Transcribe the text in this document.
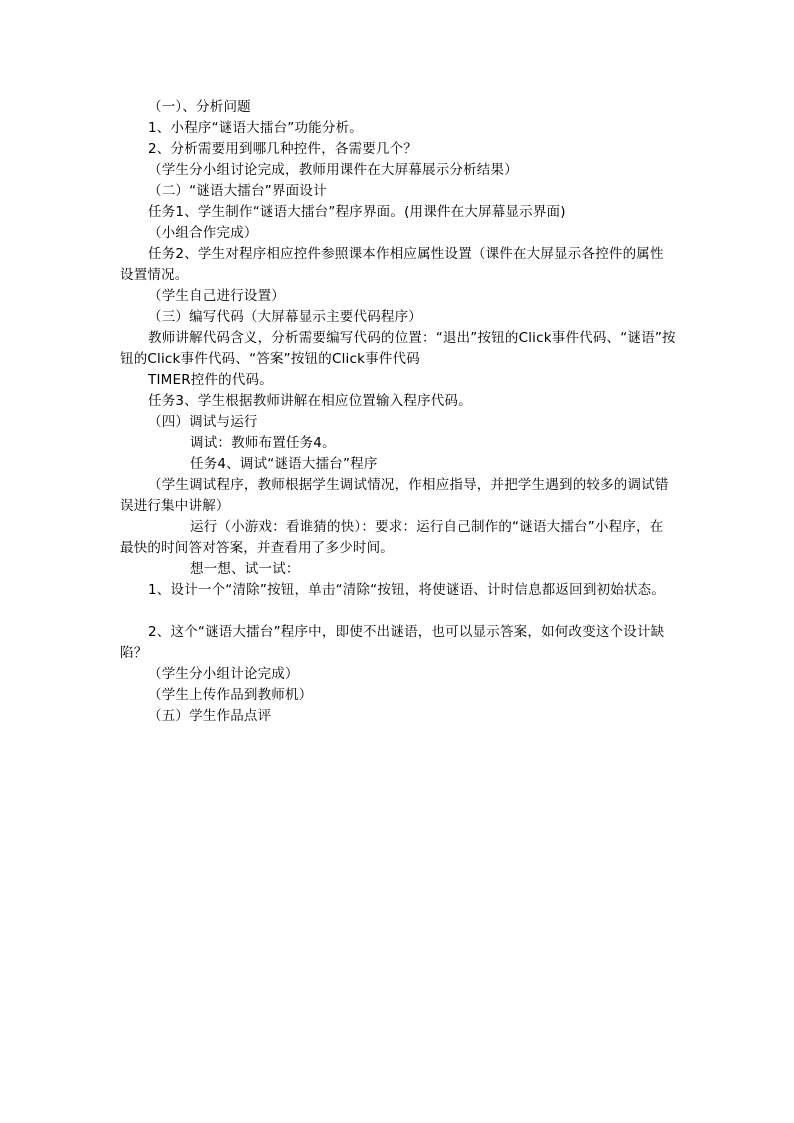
（一）、分析问题
1、小程序“谜语大擂台”功能分析。
2、分析需要用到哪几种控件，各需要几个？
（学生分小组讨论完成，教师用课件在大屏幕展示分析结果）
（二）“谜语大擂台”界面设计
任务1、学生制作“谜语大擂台”程序界面。(用课件在大屏幕显示界面)
（小组合作完成）
任务2、学生对程序相应控件参照课本作相应属性设置（课件在大屏显示各控件的属性设置情况。
（学生自己进行设置）
（三）编写代码（大屏幕显示主要代码程序）
教师讲解代码含义，分析需要编写代码的位置：“退出”按钮的Click事件代码、“谜语”按钮的Click事件代码、“答案”按钮的Click事件代码
TIMER控件的代码。
任务3、学生根据教师讲解在相应位置输入程序代码。
（四）调试与运行
调试：教师布置任务4。
任务4、调试“谜语大擂台”程序
（学生调试程序，教师根据学生调试情况，作相应指导，并把学生遇到的较多的调试错误进行集中讲解）
运行（小游戏：看谁猜的快）：要求：运行自己制作的“谜语大擂台”小程序，在最快的时间答对答案，并查看用了多少时间。
想一想、试一试：
1、设计一个“清除”按钮，单击“清除“按钮，将使谜语、计时信息都返回到初始状态。
2、这个“谜语大擂台”程序中，即使不出谜语，也可以显示答案，如何改变这个设计缺陷？
（学生分小组计论完成）
（学生上传作品到教师机）
（五）学生作品点评
